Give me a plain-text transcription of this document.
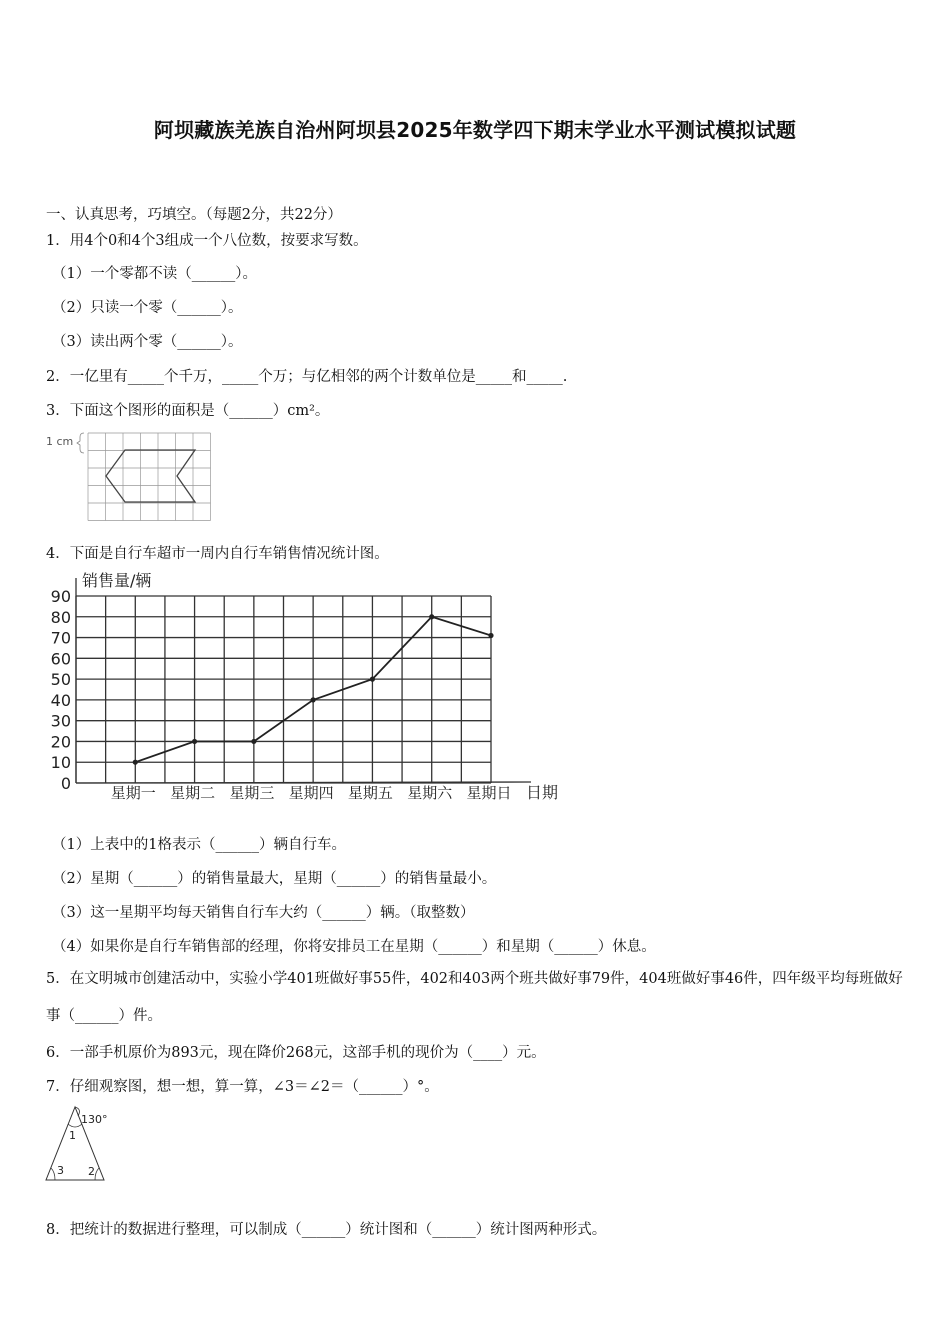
阿坝藏族羌族自治州阿坝县2025年数学四下期末学业水平测试模拟试题
一、认真思考，巧填空。（每题2分，共22分）
1．用4个0和4个3组成一个八位数，按要求写数。
（1）一个零都不读（______）。
（2）只读一个零（______）。
（3）读出两个零（______）。
2．一亿里有_____个千万，_____个万；与亿相邻的两个计数单位是_____和_____.
3．下面这个图形的面积是（______）cm²。
1 cm
4．下面是自行车超市一周内自行车销售情况统计图。
销售量/辆
0
10
20
30
40
50
60
70
80
90
星期一 星期二 星期三 星期四 星期五 星期六 星期日 日期
（1）上表中的1格表示（______）辆自行车。
（2）星期（______）的销售量最大，星期（______）的销售量最小。
（3）这一星期平均每天销售自行车大约（______）辆。（取整数）
（4）如果你是自行车销售部的经理，你将安排员工在星期（______）和星期（______）休息。
5．在文明城市创建活动中，实验小学401班做好事55件，402和403两个班共做好事79件，404班做好事46件，四年级平均每班做好事（______）件。
6．一部手机原价为893元，现在降价268元，这部手机的现价为（____）元。
7．仔细观察图，想一想，算一算，∠3＝∠2＝（______）°。
130°
1
3 2
8．把统计的数据进行整理，可以制成（______）统计图和（______）统计图两种形式。
